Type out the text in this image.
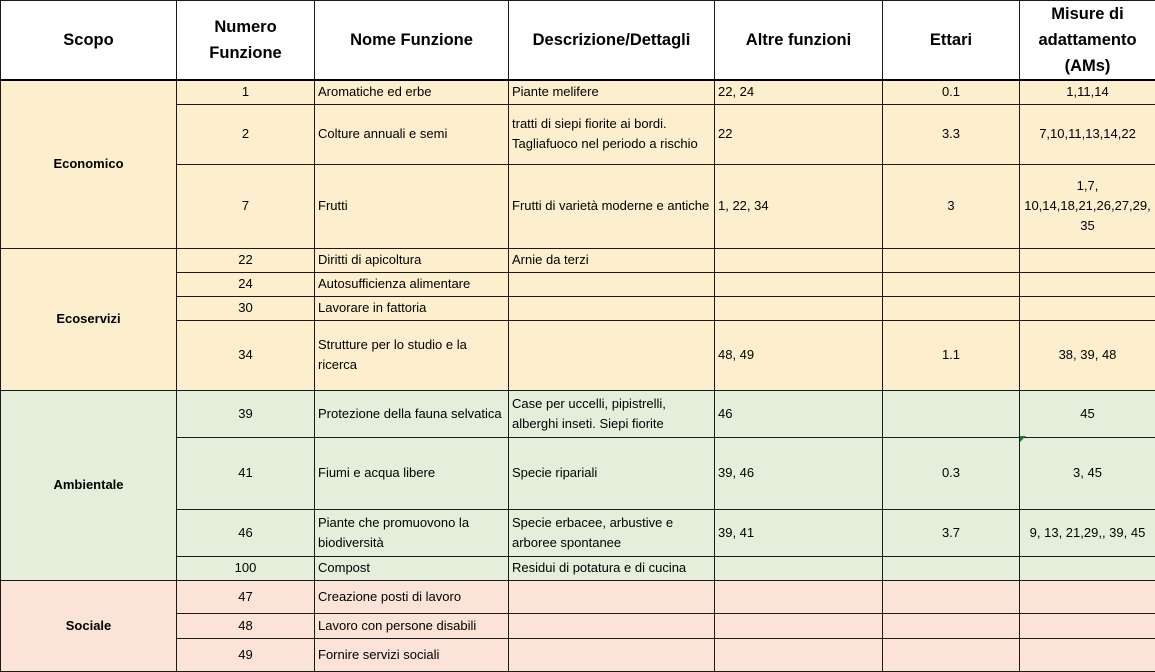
Scopo	Numero Funzione	Nome Funzione	Descrizione/Dettagli	Altre funzioni	Ettari	Misure di adattamento (AMs)
Economico	1	Aromatiche ed erbe	Piante melifere	22, 24	0.1	1,11,14
	2	Colture annuali e semi	tratti di siepi fiorite ai bordi. Tagliafuoco nel periodo a rischio	22	3.3	7,10,11,13,14,22
	7	Frutti	Frutti di varietà moderne e antiche	1, 22, 34	3	1,7, 10,14,18,21,26,27,29, 35
Ecoservizi	22	Diritti di apicoltura	Arnie da terzi			
	24	Autosufficienza alimentare				
	30	Lavorare in fattoria				
	34	Strutture per lo studio e la ricerca		48, 49	1.1	38, 39, 48
Ambientale	39	Protezione della fauna selvatica	Case per uccelli, pipistrelli, alberghi inseti. Siepi fiorite	46		45
	41	Fiumi e acqua libere	Specie ripariali	39, 46	0.3	3, 45
	46	Piante che promuovono la biodiversità	Specie erbacee, arbustive e arboree spontanee	39, 41	3.7	9, 13, 21,29,, 39, 45
	100	Compost	Residui di potatura e di cucina			
Sociale	47	Creazione posti di lavoro				
	48	Lavoro con persone disabili				
	49	Fornire servizi sociali				
